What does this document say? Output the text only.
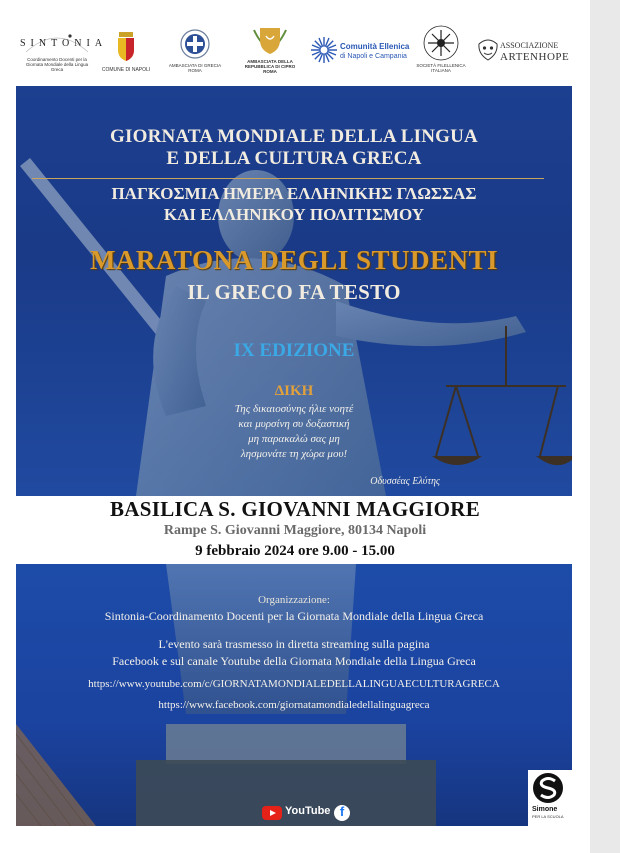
SINTONIA
Coordinamento Docenti per la Giornata Mondiale della Lingua Greca	COMUNE DI NAPOLI
AMBASCIATA DI GRECIA ROMA
AMBASCIATA DELLA REPUBBLICA DI CIPRO ROMA
Comunità Ellenica
di Napoli e Campania
SOCIETÀ FILELLENICA ITALIANA
ASSOCIAZIONE
ARTENHOPE

GIORNATA MONDIALE DELLA LINGUA
E DELLA CULTURA GRECA

ΠΑΓΚΟΣΜΙΑ ΗΜΕΡΑ ΕΛΛΗΝΙΚΗΣ ΓΛΩΣΣΑΣ
ΚΑΙ ΕΛΛΗΝΙΚΟΥ ΠΟΛΙΤΙΣΜΟΥ

MARATONA DEGLI STUDENTI

IL GRECO FA TESTO

IX EDIZIONE

ΔΙΚΗ

Της δικαιοσύνης ήλιε νοητέ
και μυρσίνη συ δοξαστική
μη παρακαλώ σας μη
λησμονάτε τη χώρα μου!

Οδυσσέας Ελύτης

BASILICA S. GIOVANNI MAGGIORE
Rampe S. Giovanni Maggiore, 80134 Napoli
9 febbraio 2024 ore 9.00 - 15.00
Organizzazione:
Sintonia-Coordinamento Docenti per la Giornata Mondiale della Lingua Greca
L'evento sarà trasmesso in diretta streaming sulla pagina
Facebook e sul canale Youtube della Giornata Mondiale della Lingua Greca
https://www.youtube.com/c/GIORNATAMONDIALEDELLALINGUAECULTURAGRECA
https://www.facebook.com/giornatamondialedellalinguagreca
YouTube f	Simone
PER LA SCUOLA
